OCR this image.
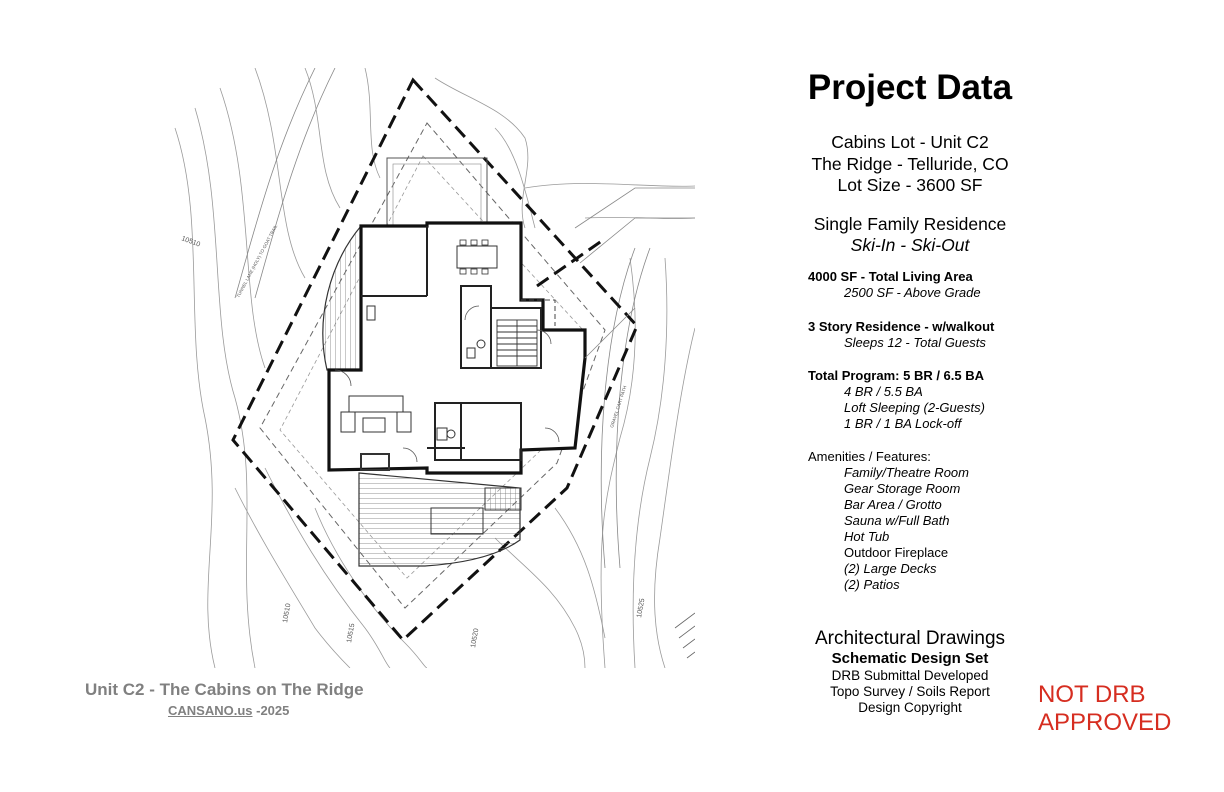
10510
10510
10515	10520
10525
TUNNEL LANE (HOLY) TO GOAT TRAIL
GRAVEL CART PATH
Unit C2 - The Cabins on The Ridge
CANSANO.us -2025
Project Data
Cabins Lot - Unit C2
The Ridge - Telluride, CO
Lot Size - 3600 SF
Single Family Residence
Ski-In - Ski-Out
4000 SF - Total Living Area
2500 SF - Above Grade
3 Story Residence - w/walkout
Sleeps 12 - Total Guests
Total Program: 5 BR / 6.5 BA
4 BR / 5.5 BA
Loft Sleeping (2-Guests)
1 BR / 1 BA Lock-off
Amenities / Features:
Family/Theatre Room
Gear Storage Room
Bar Area / Grotto
Sauna w/Full Bath
Hot Tub
Outdoor Fireplace
(2) Large Decks
(2) Patios
Architectural Drawings
Schematic Design Set
DRB Submittal Developed
Topo Survey / Soils Report
Design Copyright	NOT DRB
APPROVED
